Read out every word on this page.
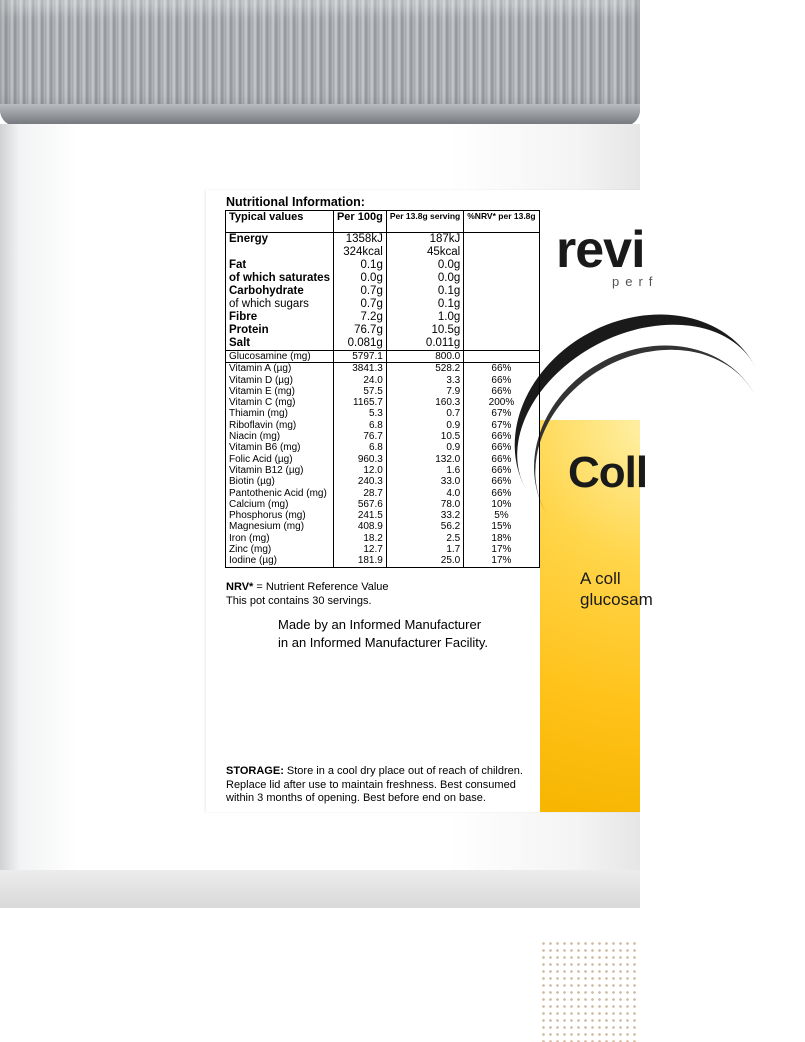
revi
perf
Coll
A coll
glucosam
Nutritional Information:
Typical values	Per 100g	Per 13.8g serving	%NRV* per 13.8g
Energy	1358kJ	187kJ	
	324kcal	45kcal	
Fat	0.1g	0.0g	
of which saturates	0.0g	0.0g	
Carbohydrate	0.7g	0.1g	
of which sugars	0.7g	0.1g	
Fibre	7.2g	1.0g	
Protein	76.7g	10.5g	
Salt	0.081g	0.011g	
Glucosamine (mg)	5797.1	800.0	
Vitamin A (µg)	3841.3	528.2	66%
Vitamin D (µg)	24.0	3.3	66%
Vitamin E (mg)	57.5	7.9	66%
Vitamin C (mg)	1165.7	160.3	200%
Thiamin (mg)	5.3	0.7	67%
Riboflavin (mg)	6.8	0.9	67%
Niacin (mg)	76.7	10.5	66%
Vitamin B6 (mg)	6.8	0.9	66%
Folic Acid (µg)	960.3	132.0	66%
Vitamin B12 (µg)	12.0	1.6	66%
Biotin (µg)	240.3	33.0	66%
Pantothenic Acid (mg)	28.7	4.0	66%
Calcium (mg)	567.6	78.0	10%
Phosphorus (mg)	241.5	33.2	5%
Magnesium (mg)	408.9	56.2	15%
Iron (mg)	18.2	2.5	18%
Zinc (mg)	12.7	1.7	17%
Iodine (µg)	181.9	25.0	17%
NRV* = Nutrient Reference Value
This pot contains 30 servings.
Made by an Informed Manufacturer
in an Informed Manufacturer Facility.
STORAGE: Store in a cool dry place out of reach of children. Replace lid after use to maintain freshness. Best consumed within 3 months of opening. Best before end on base.
